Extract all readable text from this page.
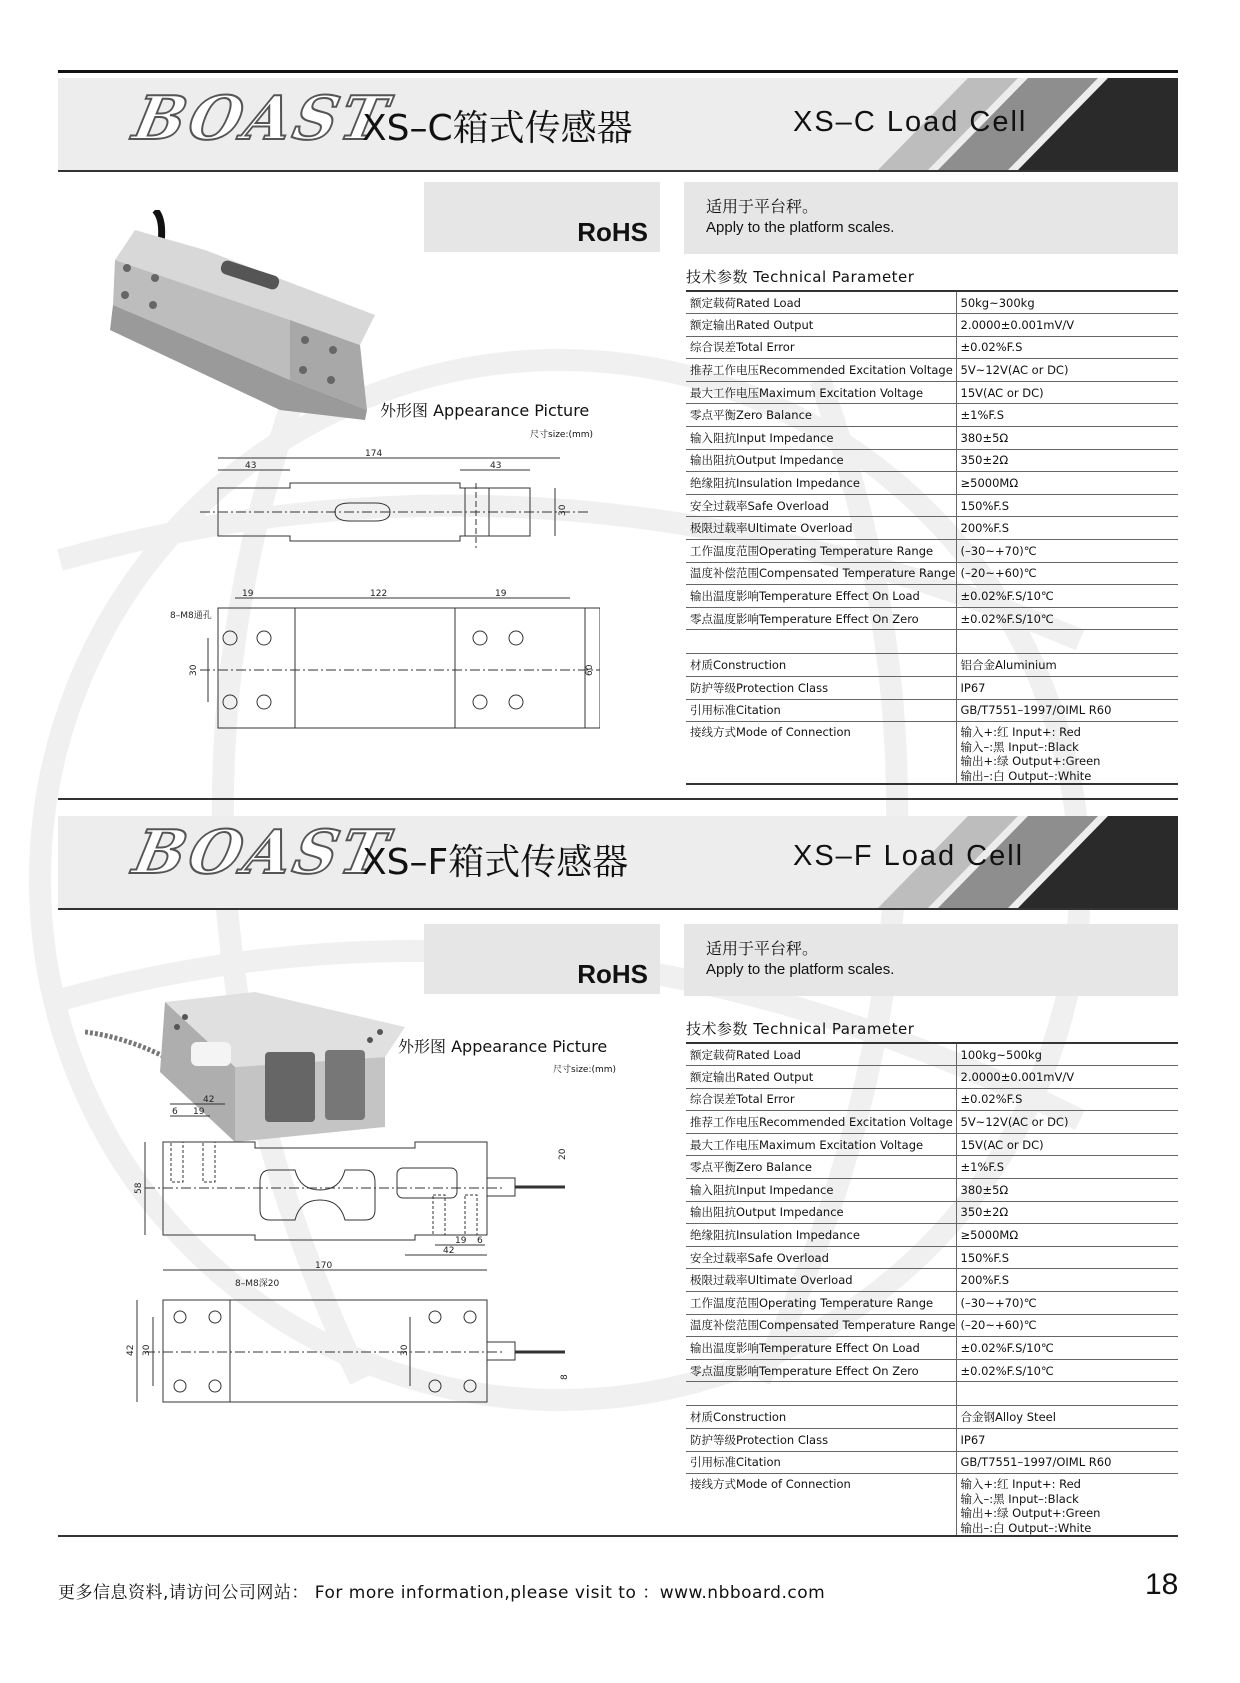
BOAST
XS–C箱式传感器	XS–C Load Cell
RoHS
适用于平台秤。
Apply to the platform scales.
外形图 Appearance Picture
尺寸size:(mm)
174
43	43
30
19	122	19
8–M8通孔
30	60
技术参数 Technical Parameter
额定载荷Rated Load	50kg~300kg
额定输出Rated Output	2.0000±0.001mV/V
综合误差Total Error	±0.02%F.S
推荐工作电压Recommended Excitation Voltage	5V~12V(AC or DC)
最大工作电压Maximum Excitation Voltage	15V(AC or DC)
零点平衡Zero Balance	±1%F.S
输入阻抗Input Impedance	380±5Ω
输出阻抗Output Impedance	350±2Ω
绝缘阻抗Insulation Impedance	≥5000MΩ
安全过载率Safe Overload	150%F.S
极限过载率Ultimate Overload	200%F.S
工作温度范围Operating Temperature Range	(–30~+70)℃
温度补偿范围Compensated Temperature Range	(–20~+60)℃
输出温度影响Temperature Effect On Load	±0.02%F.S/10℃
零点温度影响Temperature Effect On Zero	±0.02%F.S/10℃

材质Construction	铝合金Aluminium
防护等级Protection Class	IP67
引用标准Citation	GB/T7551–1997/OIML R60
接线方式Mode of Connection	输入+:红 Input+: Red
输入–:黑 Input–:Black
输出+:绿 Output+:Green
输出–:白 Output–:White
BOAST
XS–F箱式传感器	XS–F Load Cell
RoHS
适用于平台秤。
Apply to the platform scales.
外形图 Appearance Picture
尺寸size:(mm)
42
6 19
58
20
19 6
42
170
8–M8深20
42 30	30
8
技术参数 Technical Parameter
额定载荷Rated Load	100kg~500kg
额定输出Rated Output	2.0000±0.001mV/V
综合误差Total Error	±0.02%F.S
推荐工作电压Recommended Excitation Voltage	5V~12V(AC or DC)
最大工作电压Maximum Excitation Voltage	15V(AC or DC)
零点平衡Zero Balance	±1%F.S
输入阻抗Input Impedance	380±5Ω
输出阻抗Output Impedance	350±2Ω
绝缘阻抗Insulation Impedance	≥5000MΩ
安全过载率Safe Overload	150%F.S
极限过载率Ultimate Overload	200%F.S
工作温度范围Operating Temperature Range	(–30~+70)℃
温度补偿范围Compensated Temperature Range	(–20~+60)℃
输出温度影响Temperature Effect On Load	±0.02%F.S/10℃
零点温度影响Temperature Effect On Zero	±0.02%F.S/10℃

材质Construction	合金钢Alloy Steel
防护等级Protection Class	IP67
引用标准Citation	GB/T7551–1997/OIML R60
接线方式Mode of Connection	输入+:红 Input+: Red
输入–:黑 Input–:Black
输出+:绿 Output+:Green
输出–:白 Output–:White
更多信息资料,请访问公司网站： For more information,please visit to ：www.nbboard.com	18
